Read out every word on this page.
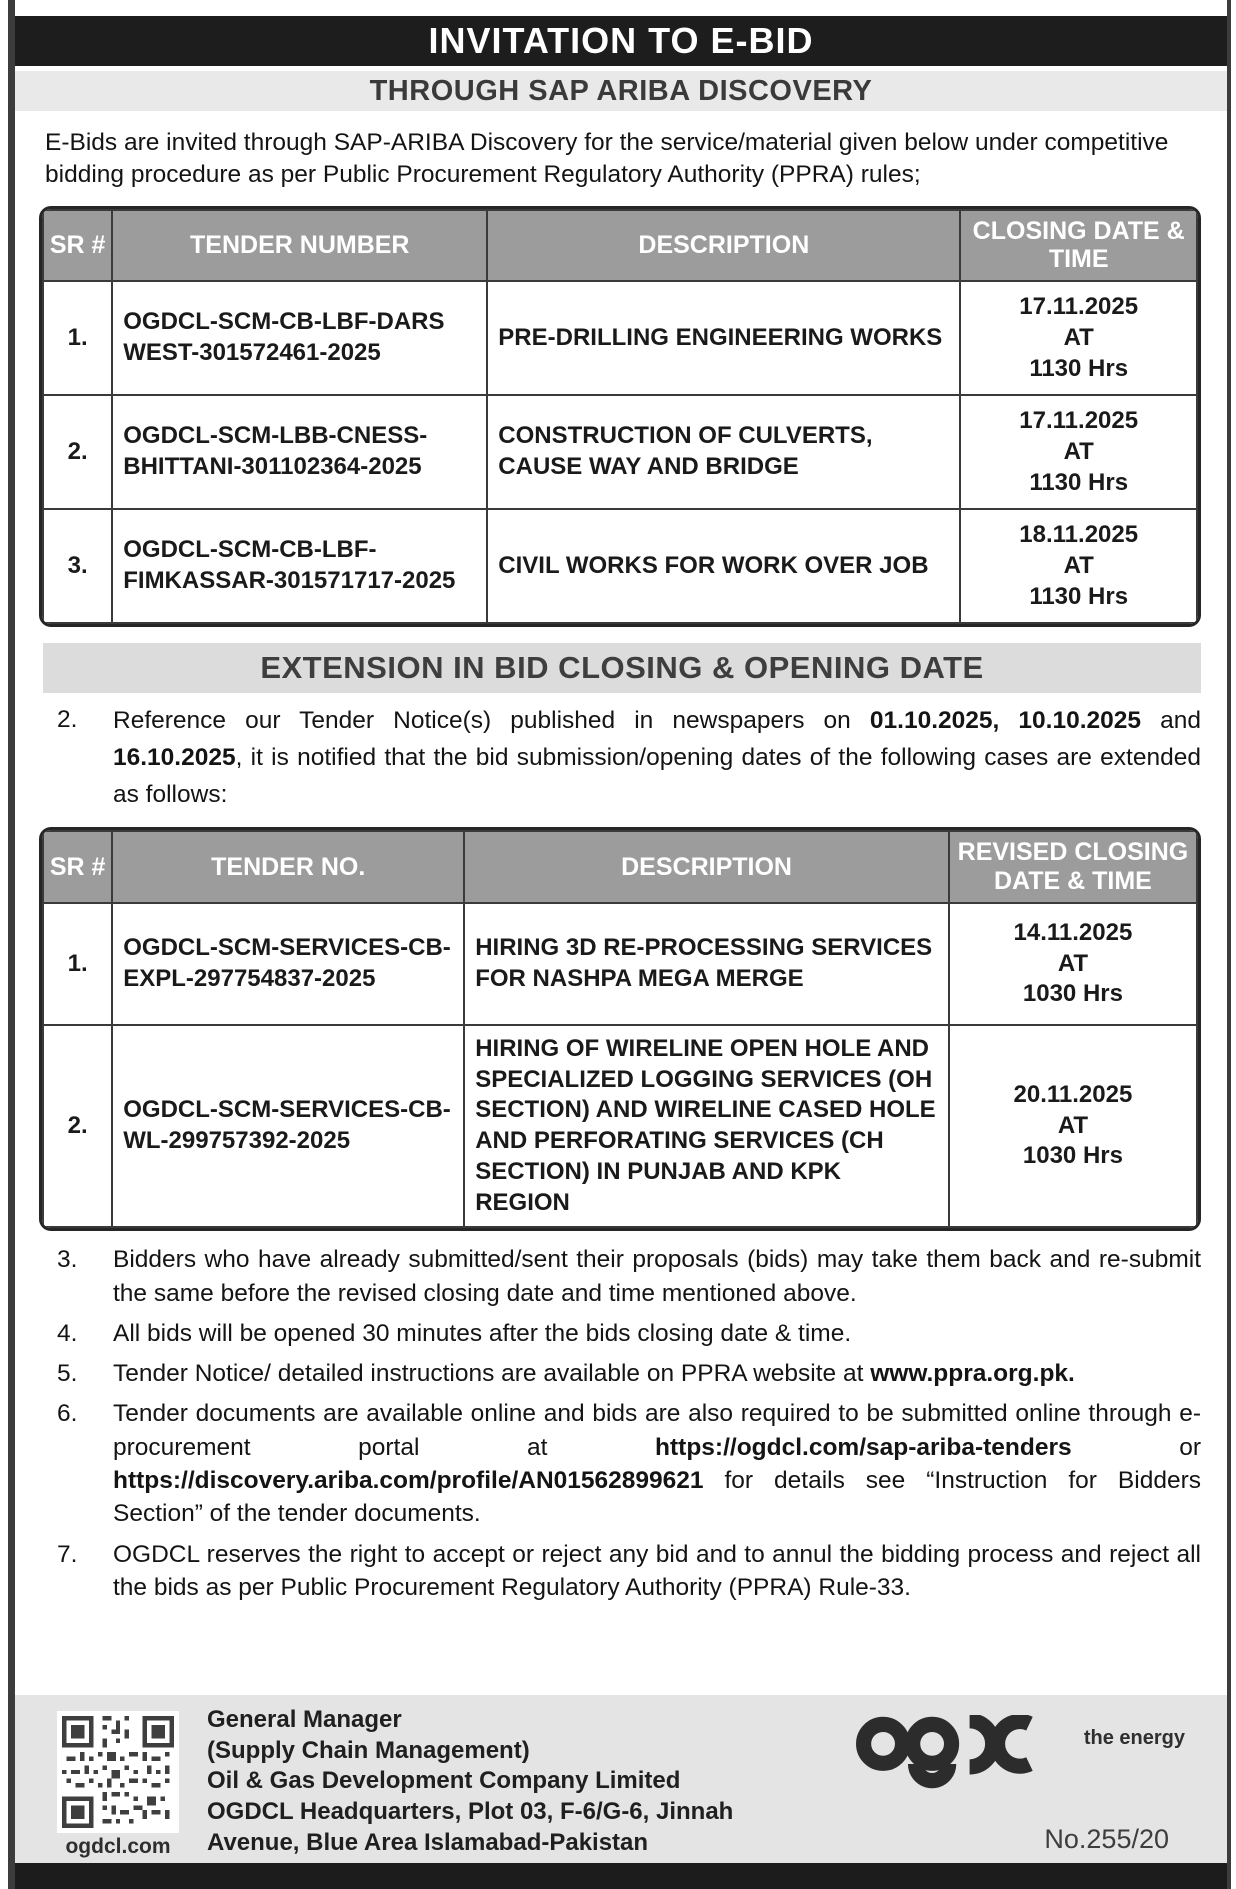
INVITATION TO E-BID
THROUGH SAP ARIBA DISCOVERY
E-Bids are invited through SAP-ARIBA Discovery for the service/material given below under competitive bidding procedure as per Public Procurement Regulatory Authority (PPRA) rules;
SR #	TENDER NUMBER	DESCRIPTION	CLOSING DATE & TIME
1.	OGDCL-SCM-CB-LBF-DARS WEST-301572461-2025	PRE-DRILLING ENGINEERING WORKS	17.11.2025
AT
1130 Hrs

2.	OGDCL-SCM-LBB-CNESS-BHITTANI-301102364-2025	CONSTRUCTION OF CULVERTS, CAUSE WAY AND BRIDGE	17.11.2025
AT
1130 Hrs

3.	OGDCL-SCM-CB-LBF-FIMKASSAR-301571717-2025	CIVIL WORKS FOR WORK OVER JOB	18.11.2025
AT
1130 Hrs
EXTENSION IN BID CLOSING & OPENING DATE
2.	Reference our Tender Notice(s) published in newspapers on 01.10.2025, 10.10.2025 and 16.10.2025, it is notified that the bid submission/opening dates of the following cases are extended as follows:
SR #	TENDER NO.	DESCRIPTION	REVISED CLOSING DATE & TIME
1.	OGDCL-SCM-SERVICES-CB-EXPL-297754837-2025	HIRING 3D RE-PROCESSING SERVICES FOR NASHPA MEGA MERGE	14.11.2025
AT
1030 Hrs

2.	OGDCL-SCM-SERVICES-CB-WL-299757392-2025	HIRING OF WIRELINE OPEN HOLE AND SPECIALIZED LOGGING SERVICES (OH SECTION) AND WIRELINE CASED HOLE AND PERFORATING SERVICES (CH SECTION) IN PUNJAB AND KPK REGION	20.11.2025
AT
1030 Hrs
3.	Bidders who have already submitted/sent their proposals (bids) may take them back and re-submit the same before the revised closing date and time mentioned above.
4.	All bids will be opened 30 minutes after the bids closing date & time.
5.	Tender Notice/ detailed instructions are available on PPRA website at www.ppra.org.pk.
6.	Tender documents are available online and bids are also required to be submitted online through e-procurement portal at https://ogdcl.com/sap-ariba-tenders or https://discovery.ariba.com/profile/AN01562899621 for details see “Instruction for Bidders Section” of the tender documents.
7.	OGDCL reserves the right to accept or reject any bid and to annul the bidding process and reject all the bids as per Public Procurement Regulatory Authority (PPRA) Rule-33.
ogdcl.com
General Manager
(Supply Chain Management)
Oil & Gas Development Company Limited
OGDCL Headquarters, Plot 03, F-6/G-6, Jinnah Avenue, Blue Area Islamabad-Pakistan
the energy
No.255/20
